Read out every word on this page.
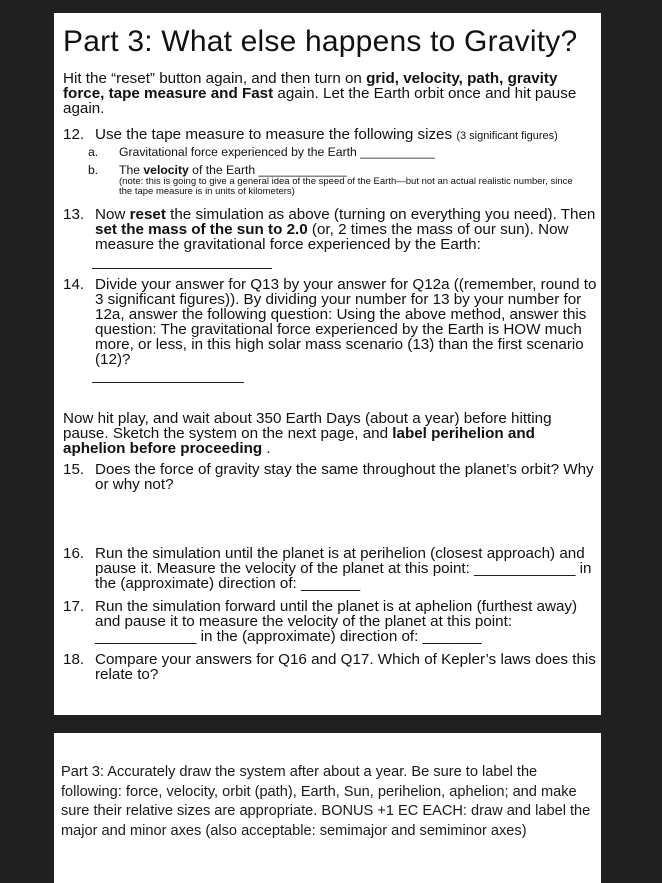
Part 3: What else happens to Gravity?
Hit the “reset” button again, and then turn on grid, velocity, path, gravity force, tape measure and Fast again. Let the Earth orbit once and hit pause again.
12. Use the tape measure to measure the following sizes (3 significant figures)
a. Gravitational force experienced by the Earth ___________
b. The velocity of the Earth _____________
(note: this is going to give a general idea of the speed of the Earth—but not an actual realistic number, since the tape measure is in units of kilometers)
13. Now reset the simulation as above (turning on everything you need). Then set the mass of the sun to 2.0 (or, 2 times the mass of our sun). Now measure the gravitational force experienced by the Earth:
14. Divide your answer for Q13 by your answer for Q12a ((remember, round to 3 significant figures)). By dividing your number for 13 by your number for 12a, answer the following question: Using the above method, answer this question: The gravitational force experienced by the Earth is HOW much more, or less, in this high solar mass scenario (13) than the first scenario (12)?
Now hit play, and wait about 350 Earth Days (about a year) before hitting pause. Sketch the system on the next page, and label perihelion and aphelion before proceeding .
15. Does the force of gravity stay the same throughout the planet’s orbit? Why or why not?
16. Run the simulation until the planet is at perihelion (closest approach) and pause it. Measure the velocity of the planet at this point: ____________ in the (approximate) direction of: _______
17. Run the simulation forward until the planet is at aphelion (furthest away) and pause it to measure the velocity of the planet at this point: ____________ in the (approximate) direction of: _______
18. Compare your answers for Q16 and Q17. Which of Kepler’s laws does this relate to?
Part 3: Accurately draw the system after about a year. Be sure to label the following: force, velocity, orbit (path), Earth, Sun, perihelion, aphelion; and make sure their relative sizes are appropriate. BONUS +1 EC EACH: draw and label the major and minor axes (also acceptable: semimajor and semiminor axes)
